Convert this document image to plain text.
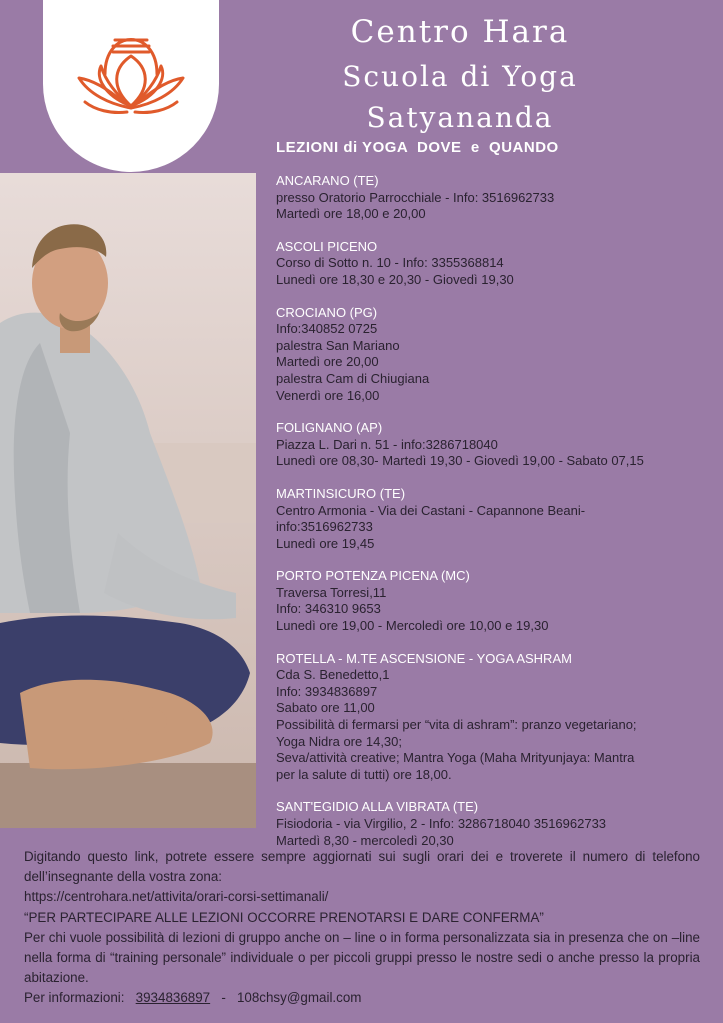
Centro Hara
Scuola di Yoga
Satyananda
LEZIONI di YOGA  DOVE  e  QUANDO
ANCARANO (TE)
presso Oratorio Parrocchiale - Info: 3516962733
Martedì ore 18,00 e 20,00
ASCOLI PICENO
Corso di Sotto n. 10 - Info: 3355368814
Lunedì ore 18,30 e 20,30 - Giovedì 19,30
CROCIANO (PG)
Info:340852 0725
palestra San Mariano
Martedì ore 20,00
palestra Cam di Chiugiana
Venerdì ore 16,00
FOLIGNANO (AP)
Piazza L. Dari n. 51 - info:3286718040
Lunedì ore 08,30- Martedì 19,30 - Giovedì 19,00 - Sabato 07,15
MARTINSICURO (TE)
Centro Armonia - Via dei Castani - Capannone Beani-
info:3516962733
Lunedì ore 19,45
PORTO POTENZA PICENA (MC)
Traversa Torresi,11
Info: 346310 9653
Lunedì ore 19,00 - Mercoledì ore 10,00 e 19,30
ROTELLA - M.TE ASCENSIONE - YOGA ASHRAM
Cda S. Benedetto,1
Info: 3934836897
Sabato ore 11,00
Possibilità di fermarsi per “vita di ashram”: pranzo vegetariano;
Yoga Nidra ore 14,30;
Seva/attività creative; Mantra Yoga (Maha Mrityunjaya: Mantra
per la salute di tutti) ore 18,00.
SANT'EGIDIO ALLA VIBRATA (TE)
Fisiodoria - via Virgilio, 2 - Info: 3286718040 3516962733
Martedì 8,30 - mercoledì 20,30

Digitando questo link, potrete essere sempre aggiornati sui sugli orari dei e troverete il numero di telefono dell’insegnante della vostra zona:

https://centrohara.net/attivita/orari-corsi-settimanali/

“PER PARTECIPARE ALLE LEZIONI OCCORRE PRENOTARSI E DARE CONFERMA”

Per chi vuole possibilità di lezioni di gruppo anche on – line o in forma personalizzata sia in presenza che on –line nella forma di “training personale” individuale o per piccoli gruppi presso le nostre sedi o anche presso la propria abitazione.

Per informazioni: 3934836897 - 108chsy@gmail.com
